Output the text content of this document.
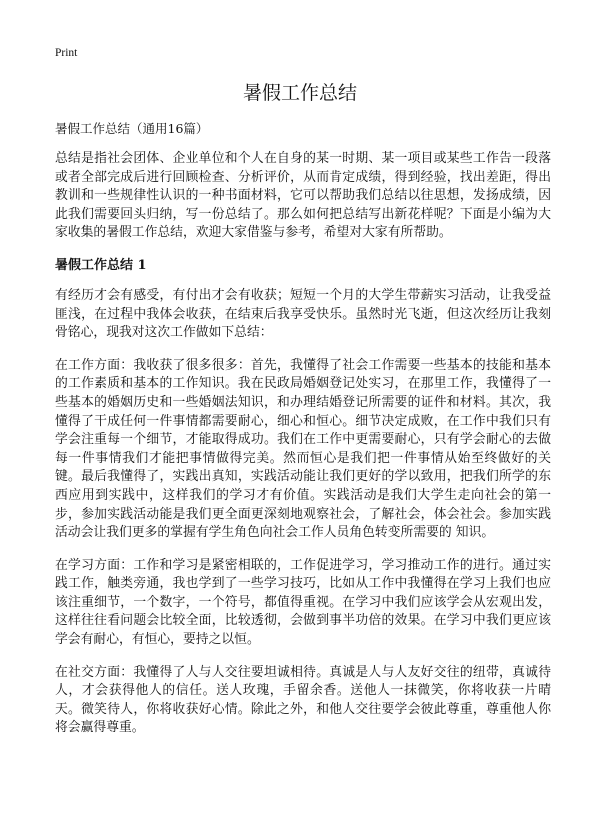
Print
暑假工作总结
暑假工作总结（通用16篇）

总结是指社会团体、企业单位和个人在自身的某一时期、某一项目或某些工作告一段落或者全部完成后进行回顾检查、分析评价，从而肯定成绩，得到经验，找出差距，得出教训和一些规律性认识的一种书面材料，它可以帮助我们总结以往思想，发扬成绩，因此我们需要回头归纳，写一份总结了。那么如何把总结写出新花样呢？下面是小编为大家收集的暑假工作总结，欢迎大家借鉴与参考，希望对大家有所帮助。

暑假工作总结 1

有经历才会有感受，有付出才会有收获；短短一个月的大学生带薪实习活动，让我受益匪浅，在过程中我体会收获，在结束后我享受快乐。虽然时光飞逝，但这次经历让我刻骨铭心，现我对这次工作做如下总结：

在工作方面：我收获了很多很多：首先，我懂得了社会工作需要一些基本的技能和基本的工作素质和基本的工作知识。我在民政局婚姻登记处实习，在那里工作，我懂得了一些基本的婚姻历史和一些婚姻法知识，和办理结婚登记所需要的证件和材料。其次，我懂得了干成任何一件事情都需要耐心，细心和恒心。细节决定成败，在工作中我们只有学会注重每一个细节，才能取得成功。我们在工作中更需要耐心，只有学会耐心的去做每一件事情我们才能把事情做得完美。然而恒心是我们把一件事情从始至终做好的关键。最后我懂得了，实践出真知，实践活动能让我们更好的学以致用，把我们所学的东西应用到实践中，这样我们的学习才有价值。实践活动是我们大学生走向社会的第一步，参加实践活动能是我们更全面更深刻地观察社会，了解社会，体会社会。参加实践活动会让我们更多的掌握有学生角色向社会工作人员角色转变所需要的 知识。

在学习方面：工作和学习是紧密相联的，工作促进学习，学习推动工作的进行。通过实践工作，触类旁通，我也学到了一些学习技巧，比如从工作中我懂得在学习上我们也应该注重细节，一个数字，一个符号，都值得重视。在学习中我们应该学会从宏观出发，这样往往看问题会比较全面，比较透彻，会做到事半功倍的效果。在学习中我们更应该学会有耐心，有恒心，要持之以恒。

在社交方面：我懂得了人与人交往要坦诚相待。真诚是人与人友好交往的纽带，真诚待人，才会获得他人的信任。送人玫瑰，手留余香。送他人一抹微笑，你将收获一片晴天。微笑待人，你将收获好心情。除此之外，和他人交往要学会彼此尊重，尊重他人你将会赢得尊重。
